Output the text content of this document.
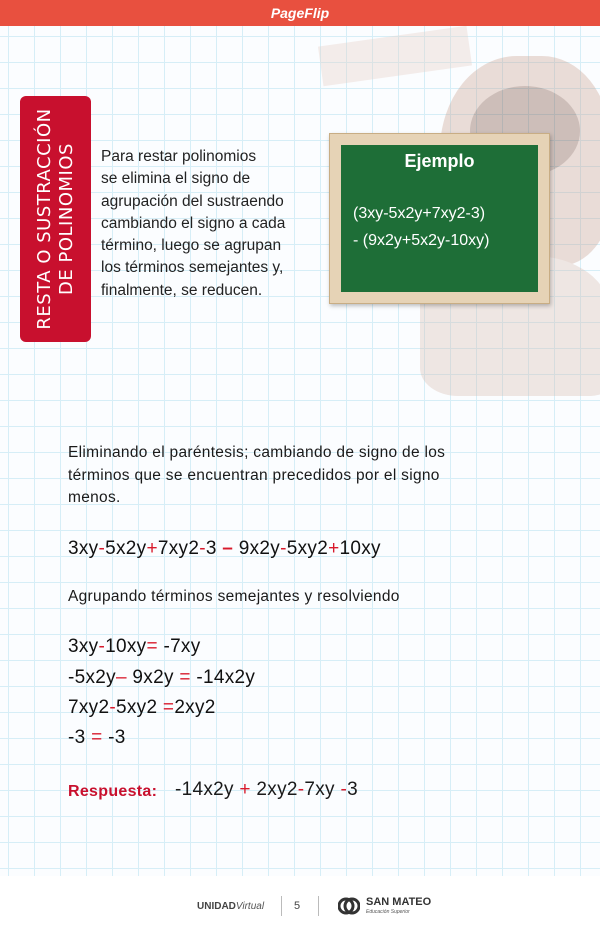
PageFlip
RESTA O SUSTRACCIÓN DE POLINOMIOS Para restar polinomios
se elimina el signo de
agrupación del sustraendo
cambiando el signo a cada
término, luego se agrupan
los términos semejantes y,
finalmente, se reducen.
Ejemplo
(3xy-5x2y+7xy2-3)
- (9x2y+5x2y-10xy)
Eliminando el paréntesis; cambiando de signo de los
términos que se encuentran precedidos por el signo
menos.
3xy-5x2y+7xy2-3 – 9x2y-5xy2+10xy
Agrupando términos semejantes y resolviendo
3xy-10xy= -7xy
-5x2y– 9x2y = -14x2y
7xy2-5xy2 =2xy2
-3 = -3
Respuesta: -14x2y + 2xy2-7xy -3
UNIDADVirtual	5	SAN MATEO
Educación Superior
